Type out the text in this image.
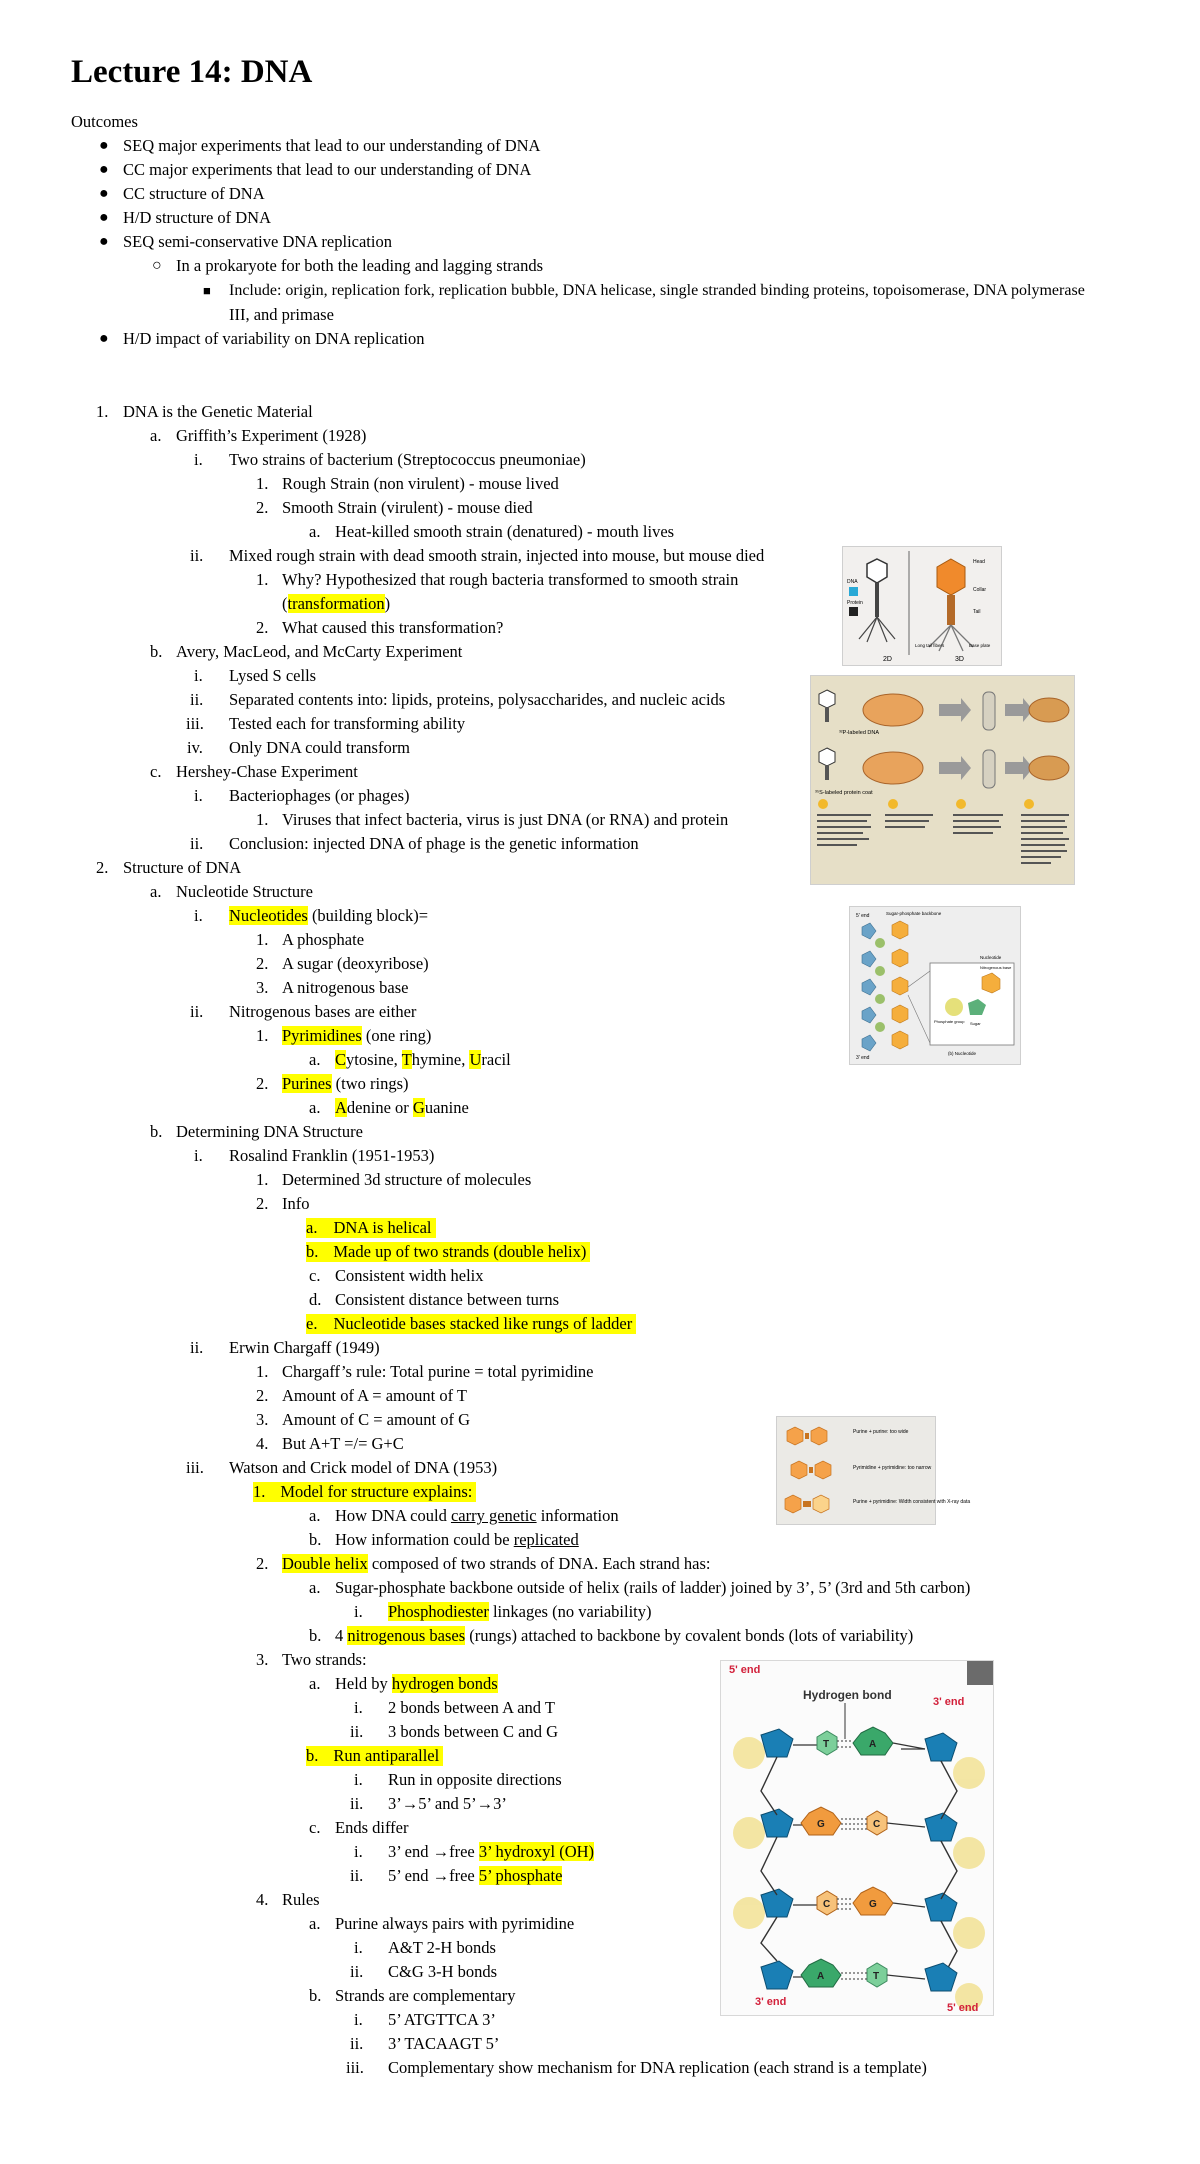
Lecture 14: DNA
Outcomes
● SEQ major experiments that lead to our understanding of DNA
● CC major experiments that lead to our understanding of DNA
● CC structure of DNA
● H/D structure of DNA
● SEQ semi-conservative DNA replication
○ In a prokaryote for both the leading and lagging strands
■ Include: origin, replication fork, replication bubble, DNA helicase, single stranded binding proteins, topoisomerase, DNA polymerase
III, and primase
● H/D impact of variability on DNA replication
1. DNA is the Genetic Material
a. Griffith’s Experiment (1928)
i. Two strains of bacterium (Streptococcus pneumoniae)
1. Rough Strain (non virulent) - mouse lived
2. Smooth Strain (virulent) - mouse died
a. Heat-killed smooth strain (denatured) - mouth lives
ii. Mixed rough strain with dead smooth strain, injected into mouse, but mouse died
1. Why? Hypothesized that rough bacteria transformed to smooth strain
(transformation)
2. What caused this transformation?
b. Avery, MacLeod, and McCarty Experiment
i. Lysed S cells
ii. Separated contents into: lipids, proteins, polysaccharides, and nucleic acids
iii. Tested each for transforming ability
iv. Only DNA could transform
c. Hershey-Chase Experiment
i. Bacteriophages (or phages)
1. Viruses that infect bacteria, virus is just DNA (or RNA) and protein
ii. Conclusion: injected DNA of phage is the genetic information
2. Structure of DNA
a. Nucleotide Structure
i. Nucleotides (building block)=
1. A phosphate
2. A sugar (deoxyribose)
3. A nitrogenous base
ii. Nitrogenous bases are either
1. Pyrimidines (one ring)
a. Cytosine, Thymine, Uracil
2. Purines (two rings)
a. Adenine or Guanine
b. Determining DNA Structure
i. Rosalind Franklin (1951-1953)
1. Determined 3d structure of molecules
2. Info
a. DNA is helical
b. Made up of two strands (double helix)
c. Consistent width helix
d. Consistent distance between turns
e. Nucleotide bases stacked like rungs of ladder
ii. Erwin Chargaff (1949)
1. Chargaff’s rule: Total purine = total pyrimidine
2. Amount of A = amount of T
3. Amount of C = amount of G
4. But A+T =/= G+C
iii. Watson and Crick model of DNA (1953)
1. Model for structure explains:
a. How DNA could carry genetic information
b. How information could be replicated
2. Double helix composed of two strands of DNA. Each strand has:
a. Sugar-phosphate backbone outside of helix (rails of ladder) joined by 3’, 5’ (3rd and 5th carbon)
i. Phosphodiester linkages (no variability)
b. 4 nitrogenous bases (rungs) attached to backbone by covalent bonds (lots of variability)
3. Two strands:
a. Held by hydrogen bonds
i. 2 bonds between A and T
ii. 3 bonds between C and G
b. Run antiparallel
i. Run in opposite directions
ii. 3’→5’ and 5’→3’
c. Ends differ
i. 3’ end →free 3’ hydroxyl (OH)
ii. 5’ end →free 5’ phosphate
4. Rules
a. Purine always pairs with pyrimidine
i. A&T 2-H bonds
ii. C&G 3-H bonds
b. Strands are complementary
i. 5’ ATGTTCA 3’
ii. 3’ TACAAGT 5’
iii. Complementary show mechanism for DNA replication (each strand is a template)
DNA
Protein
Head
Collar
Tail
Long tail fibers	Base plate
2D	3D
³²P-labeled DNA
³⁵S-labeled protein coat
5' end	Sugar-phosphate backbone
Nucleotide
Nitrogenous base
Phosphate group Sugar
3' end
(b) Nucleotide
Purine + purine: too wide
Pyrimidine + pyrimidine: too narrow
Purine + pyrimidine: Width consistent with X-ray data
T	A
G	C
C	G
A	T
5' end
Hydrogen bond	3' end
3' end	5' end
